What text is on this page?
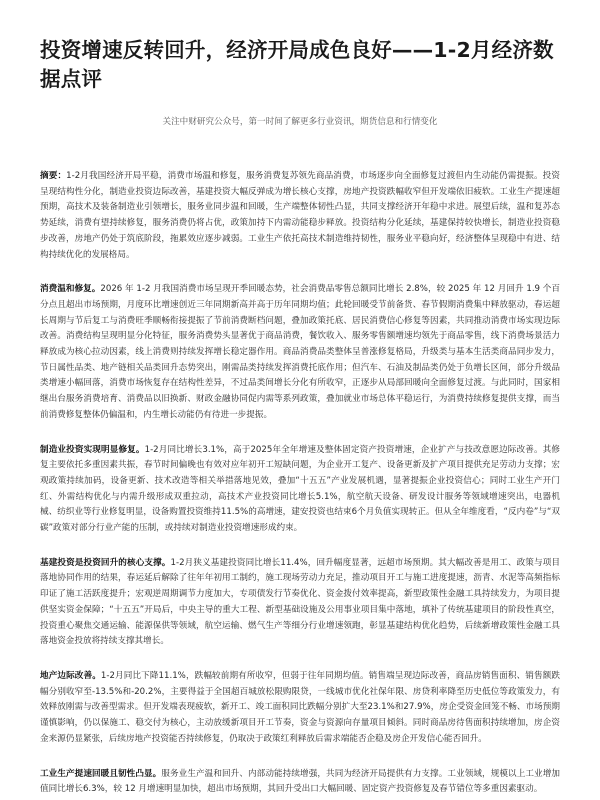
投资增速反转回升，经济开局成色良好——1-2月经济数据点评
关注中财研究公众号，第一时间了解更多行业资讯，期货信息和行情变化

摘要：1-2月我国经济开局平稳，消费市场温和修复，服务消费复苏领先商品消费，市场逐步向全面修复过渡但内生动能仍需提振。投资呈现结构性分化，制造业投资边际改善，基建投资大幅反弹成为增长核心支撑，房地产投资跌幅收窄但开发端依旧疲软。工业生产提速超预期，高技术及装备制造业引领增长，服务业同步温和回暖，生产端整体韧性凸显，共同支撑经济开年稳中求进。展望后续，温和复苏态势延续，消费有望持续修复，服务消费仍将占优，政策加持下内需动能稳步释放。投资结构分化延续，基建保持较快增长，制造业投资稳步改善，房地产仍处于筑底阶段，拖累效应逐步减弱。工业生产依托高技术制造维持韧性，服务业平稳向好，经济整体呈现稳中有进、结构持续优化的发展格局。

消费温和修复。2026 年 1-2 月我国消费市场呈现开季回暖态势，社会消费品零售总额同比增长 2.8%，较 2025 年 12 月回升 1.9 个百分点且超出市场预期，月度环比增速创近三年同期新高并高于历年同期均值；此轮回暖受节前备货、春节假期消费集中释放驱动，春运超长周期与节后复工与消费旺季顺畅衔接提振了节前消费断档问题，叠加政策托底、居民消费信心修复等因素，共同推动消费市场实现边际改善。消费结构呈现明显分化特征，服务消费势头显著优于商品消费，餐饮收入、服务零售额增速均领先于商品零售，线下消费场景活力释放成为核心拉动因素，线上消费则持续发挥增长稳定器作用。商品消费品类整体呈普涨修复格局，升级类与基本生活类商品同步发力，节日属性品类、地产链相关品类回升态势突出，刚需品类持续发挥消费托底作用；但汽车、石油及制品类仍处于负增长区间，部分升级品类增速小幅回落，消费市场恢复存在结构性差异，不过品类间增长分化有所收窄，正逐步从局部回暖向全面修复过渡。与此同时，国家相继出台服务消费培育、消费品以旧换新、财政金融协同促内需等系列政策，叠加就业市场总体平稳运行，为消费持续修复提供支撑，而当前消费修复整体仍偏温和，内生增长动能仍有待进一步提振。

制造业投资实现明显修复。1-2月同比增长3.1%，高于2025年全年增速及整体固定资产投资增速，企业扩产与技改意愿边际改善。其修复主要依托多重因素共振，春节时间偏晚也有效对应年初开工短缺问题，为企业开工复产、设备更新及扩产项目提供充足劳动力支撑；宏观政策持续加码，设备更新、技术改造等相关举措落地见效，叠加“十五五”产业发展机遇，显著提振企业投资信心；同时工业生产开门红、外需结构优化与内需升级形成双重拉动，高技术产业投资同比增长5.1%，航空航天设备、研发设计服务等领域增速突出，电器机械、纺织业等行业修复明显，设备购置投资维持11.5%的高增速，建安投资也结束6个月负值实现转正。但从全年维度看，“反内卷”与“双碳”政策对部分行业产能的压制，或持续对制造业投资增速形成约束。

基建投资是投资回升的核心支撑。1-2月狭义基建投资同比增长11.4%，回升幅度显著，远超市场预期。其大幅改善是用工、政策与项目落地协同作用的结果，春运延后解除了往年年初用工制约，施工现场劳动力充足，推动项目开工与施工进度提速，沥青、水泥等高频指标印证了施工活跃度提升；宏观逆周期调节力度加大，专项债发行节奏优化、资金拨付效率提高，新型政策性金融工具持续发力，为项目提供坚实资金保障；“十五五”开局后，中央主导的重大工程、新型基础设施及公用事业项目集中落地，填补了传统基建项目的阶段性真空，投资重心聚焦交通运输、能源保供等领域，航空运输、燃气生产等细分行业增速领跑，彰显基建结构优化趋势，后续新增政策性金融工具落地资金投放将持续支撑其增长。

地产边际改善。1-2月同比下降11.1%，跌幅较前期有所收窄，但弱于往年同期均值。销售端呈现边际改善，商品房销售面积、销售额跌幅分别收窄至-13.5%和-20.2%，主要得益于全国超百城放松限购限贷，一线城市优化社保年限、房贷利率降至历史低位等政策发力，有效释放刚需与改善型需求。但开发端表现疲软，新开工、竣工面积同比跌幅分别扩大至23.1%和27.9%，房企受资金回笼不畅、市场预期谨慎影响，仍以保施工、稳交付为核心，主动放缓新项目开工节奏，资金与资源向存量项目倾斜。同时商品房待售面积持续增加，房企资金来源仍显紧张，后续房地产投资能否持续修复，仍取决于政策红利释放后需求端能否企稳及房企开发信心能否回升。

工业生产提速回暖且韧性凸显。服务业生产温和回升、内部动能持续增强，共同为经济开局提供有力支撑。工业领域，规模以上工业增加值同比增长6.3%，较 12 月增速明显加快，超出市场预期，其回升受出口大幅回暖、固定资产投资修复及春节错位等多重因素驱动。
